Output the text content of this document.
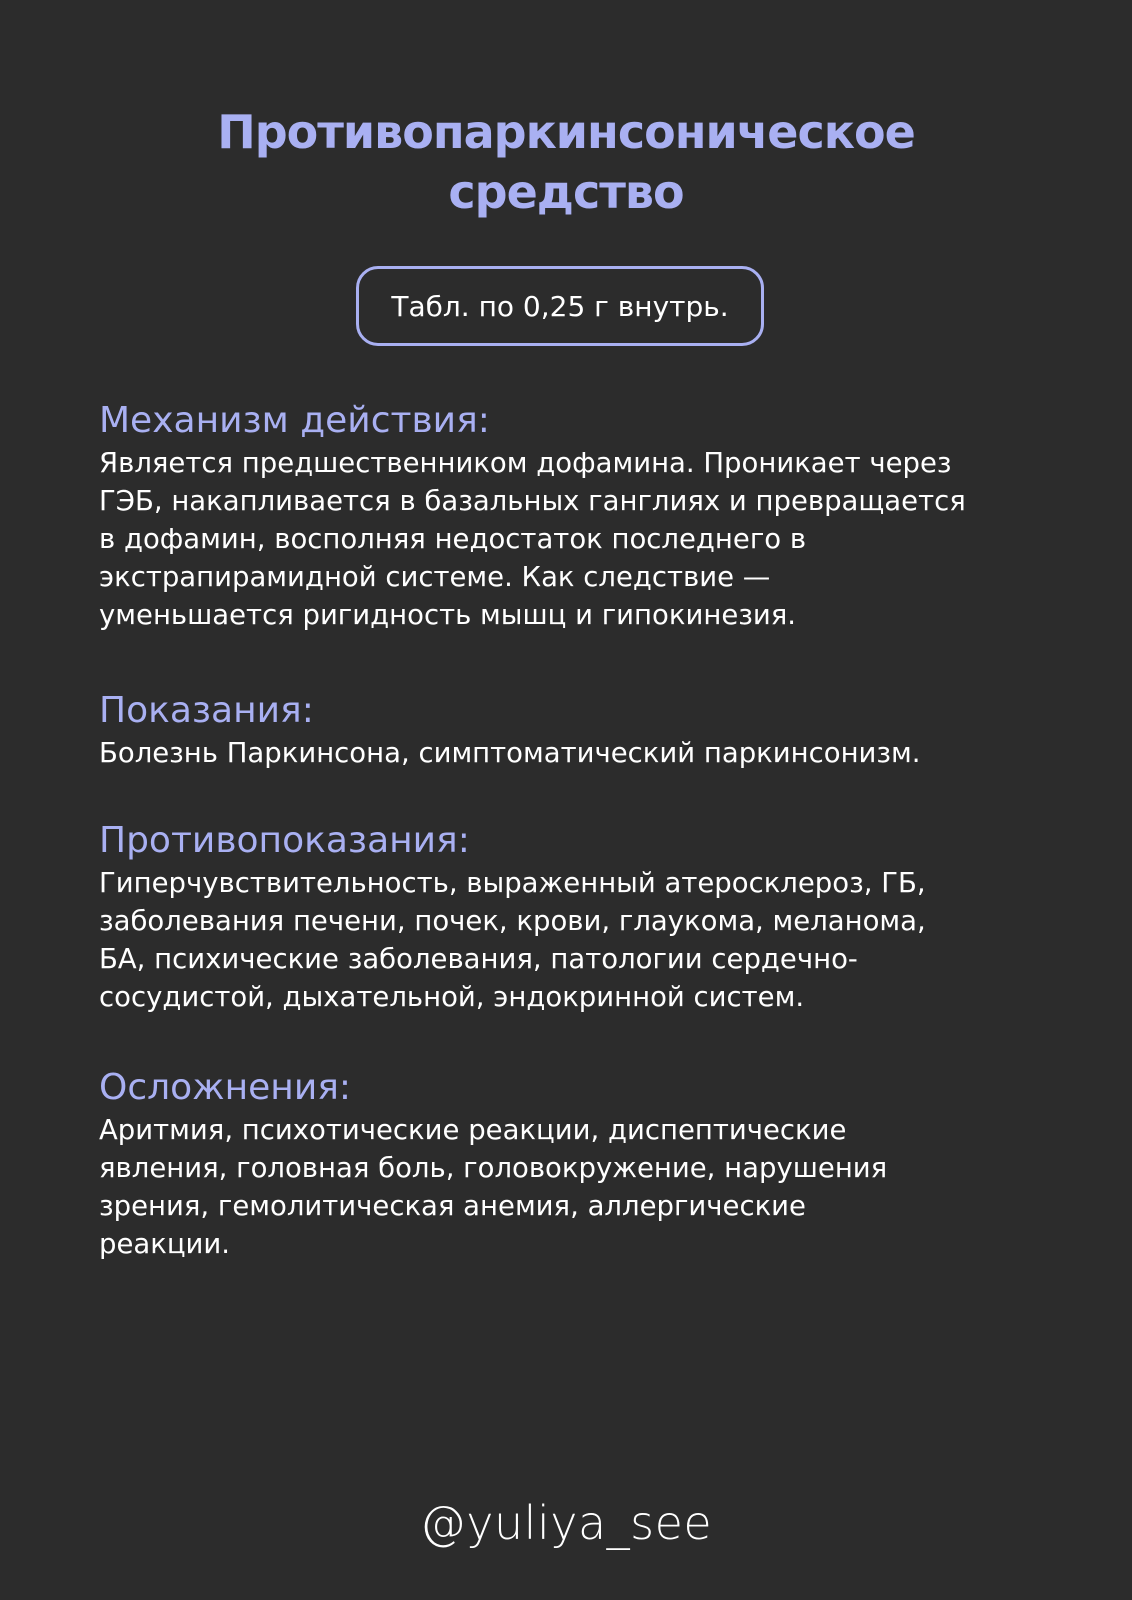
Противопаркинсоническое
средство
Табл. по 0,25 г внутрь.
Механизм действия:

Является предшественником дофамина. Проникает через
ГЭБ, накапливается в базальных ганглиях и превращается
в дофамин, восполняя недостаток последнего в
экстрапирамидной системе. Как следствие —
уменьшается ригидность мышц и гипокинезия.

Показания:

Болезнь Паркинсона, симптоматический паркинсонизм.

Противопоказания:

Гиперчувствительность, выраженный атеросклероз, ГБ,
заболевания печени, почек, крови, глаукома, меланома,
БА, психические заболевания, патологии сердечно-
сосудистой, дыхательной, эндокринной систем.

Осложнения:

Аритмия, психотические реакции, диспептические
явления, головная боль, головокружение, нарушения
зрения, гемолитическая анемия, аллергические
реакции.

@yuliya_see
